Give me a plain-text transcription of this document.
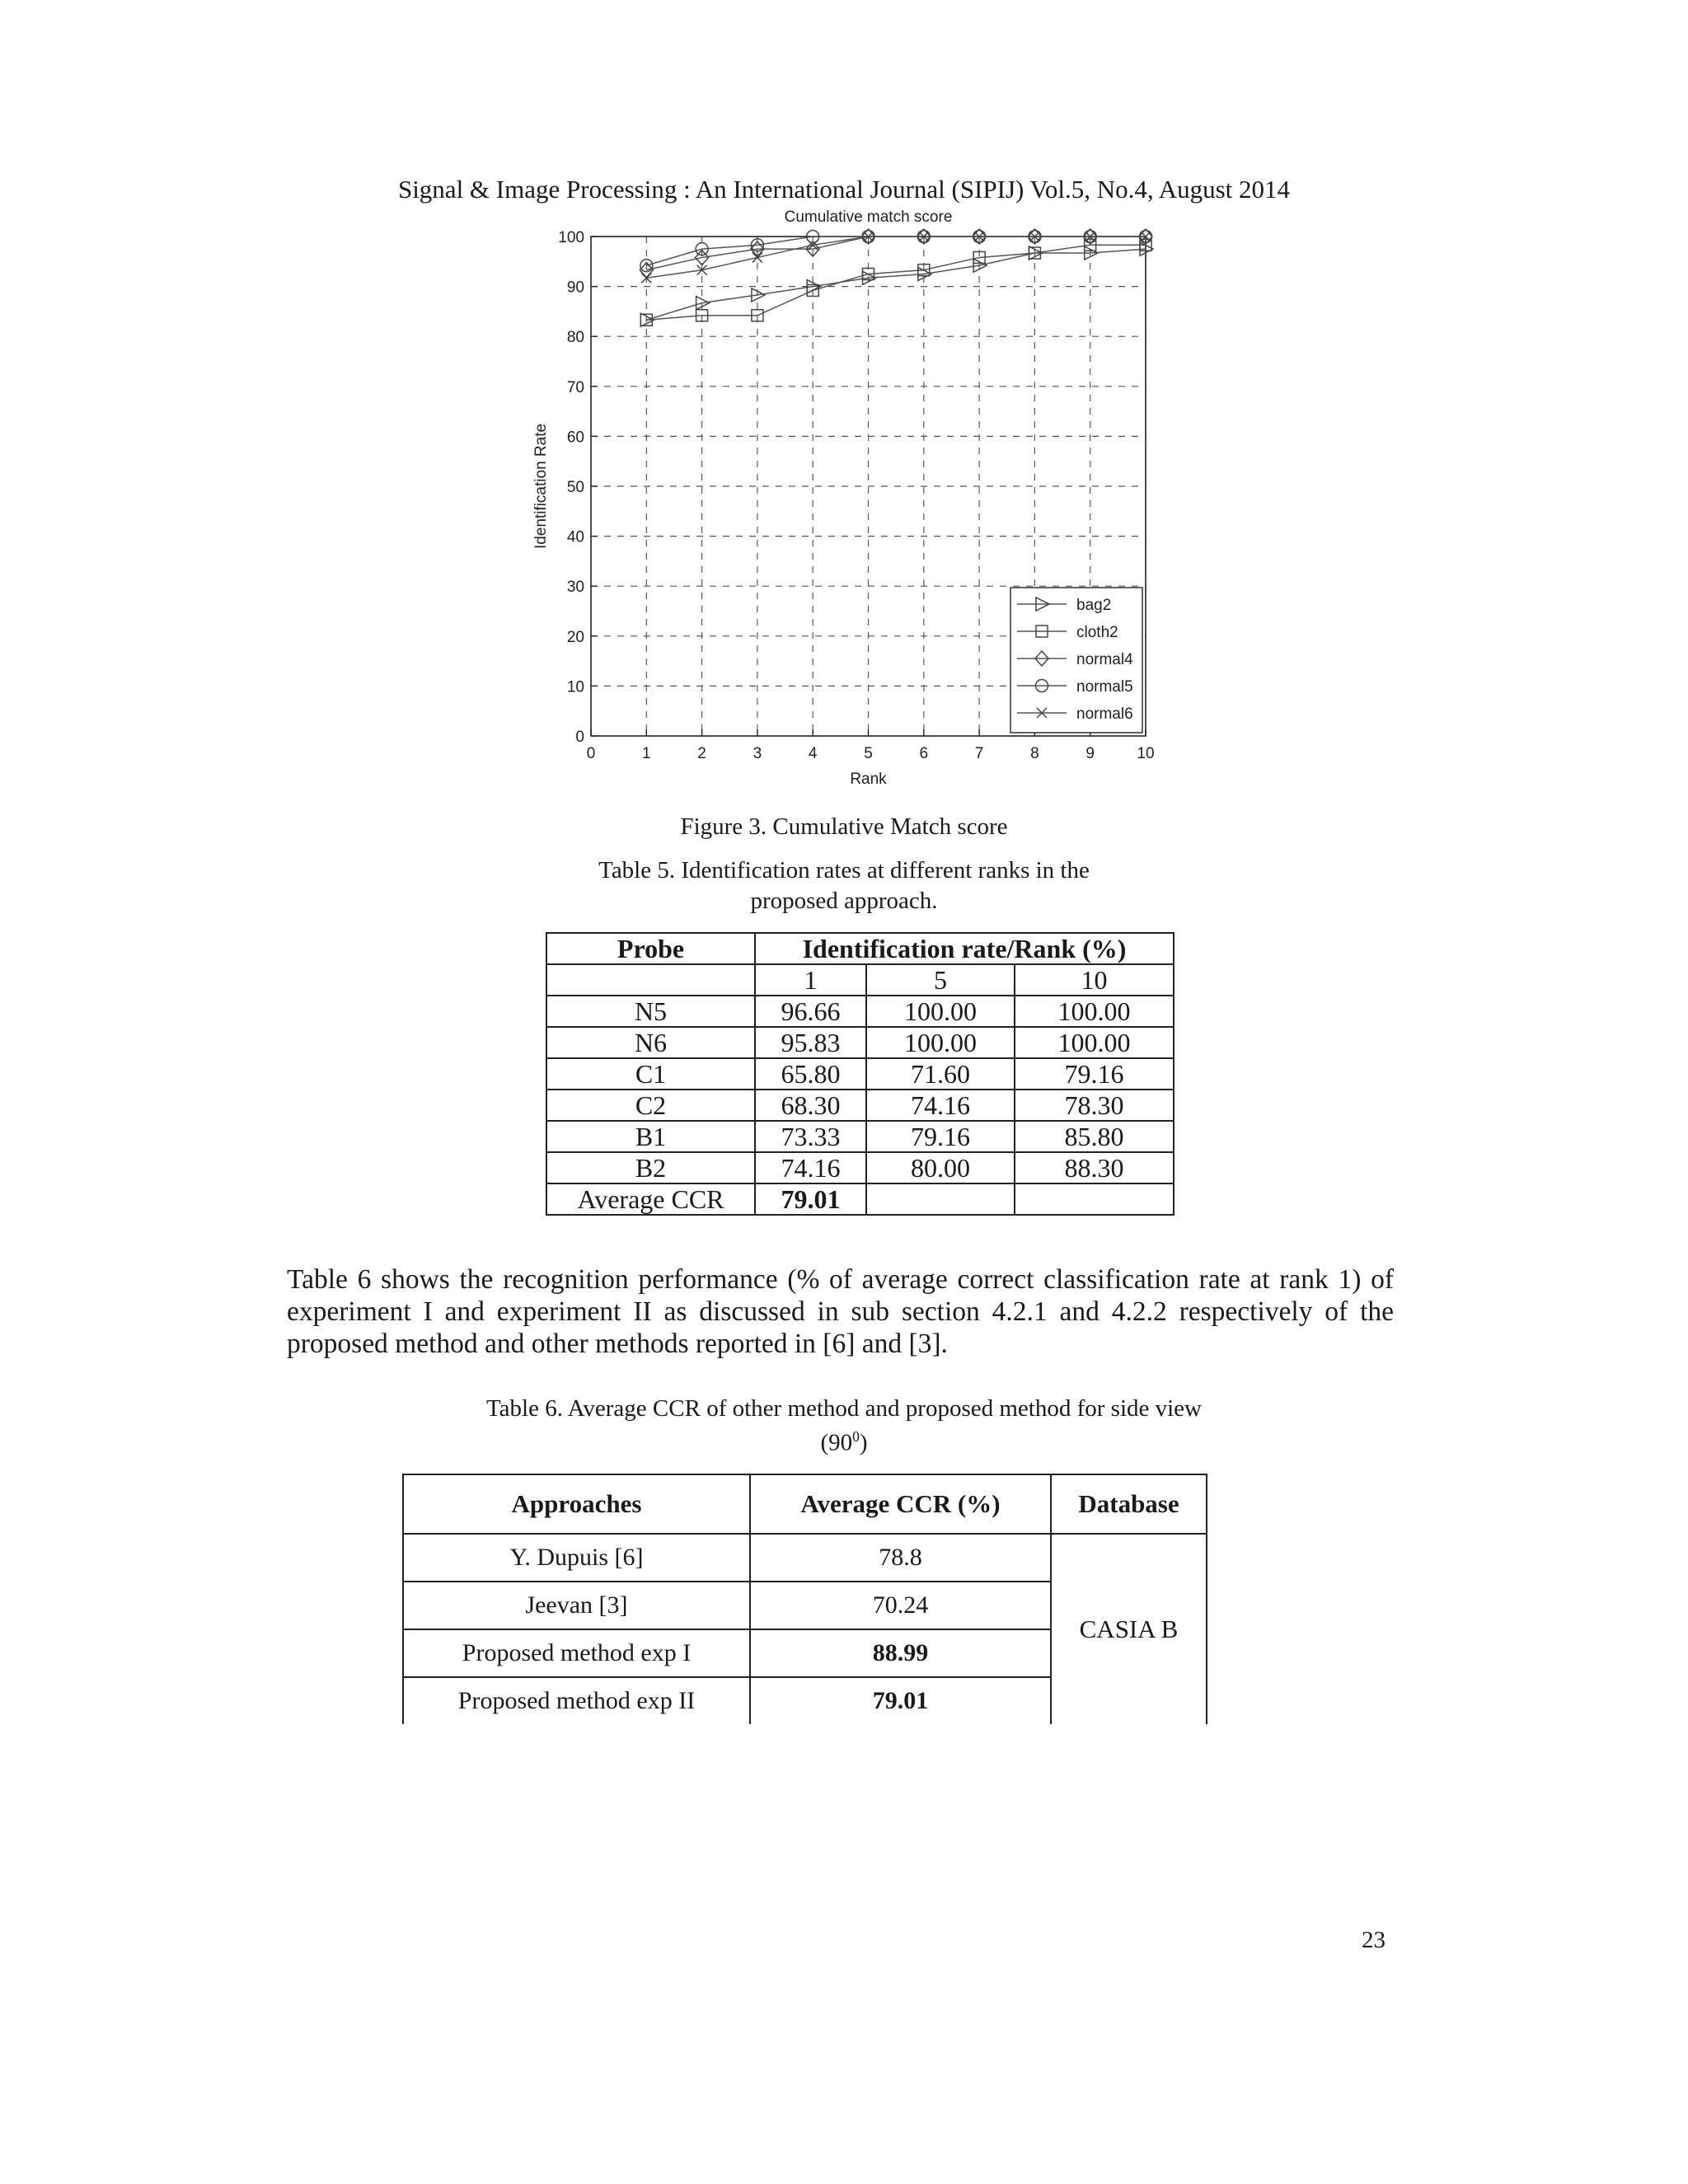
Signal & Image Processing : An International Journal (SIPIJ) Vol.5, No.4, August 2014
0	1	2	3	4	5	6	7	8	9	10
0
10
20
30
40
50
60
70
80
90
100
Cumulative match score
Rank
Identification Rate
bag2
cloth2
normal4
normal5
normal6
Figure 3. Cumulative Match score
Table 5. Identification rates at different ranks in the
proposed approach.
Probe	Identification rate/Rank (%)		
	1	5	10
N5	96.66	100.00	100.00
N6	95.83	100.00	100.00
C1	65.80	71.60	79.16
C2	68.30	74.16	78.30
B1	73.33	79.16	85.80
B2	74.16	80.00	88.30
Average CCR	79.01		
Table 6 shows the recognition performance (% of average correct classification rate at rank 1) of experiment I and experiment II as discussed in sub section 4.2.1 and 4.2.2 respectively of the proposed method and other methods reported in [6] and [3].
Table 6. Average CCR of other method and proposed method for side view
$(90^0)$
Approaches	Average CCR (%)	Database
Y. Dupuis [6]	78.8	CASIA B
Jeevan [3]	70.24	
Proposed method exp I	88.99	
Proposed method exp II	79.01	
23
